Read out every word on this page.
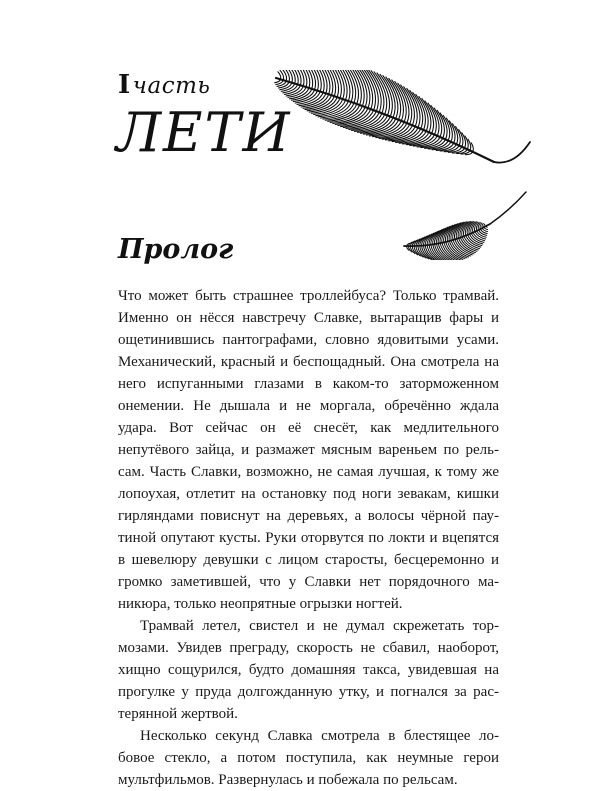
Iчасть
ЛЕТИ
Пролог

Что может быть страшнее троллейбуса? Только трамвай. Именно он нёсся навстречу Славке, вытаращив фары и ощетинившись пантографами, словно ядовитыми усами. Механический, красный и беспощадный. Она смотрела на него испуганными глазами в каком-то заторможенном онемении. Не дышала и не моргала, обречённо ждала удара. Вот сейчас он её снесёт, как медлительного непутёвого зайца, и размажет мясным вареньем по рельсам. Часть Славки, возможно, не самая лучшая, к тому же лопоухая, отлетит на остановку под ноги зевакам, кишки гирляндами повиснут на деревьях, а волосы чёрной паутиной опутают кусты. Руки оторвутся по локти и вцепятся в шевелюру девушки с лицом старосты, бесцеремонно и громко заметившей, что у Славки нет порядочного маникюра, только неопрятные огрызки ногтей.

Трамвай летел, свистел и не думал скрежетать тормозами. Увидев преграду, скорость не сбавил, наоборот, хищно сощурился, будто домашняя такса, увидевшая на прогулке у пруда долгожданную утку, и погнался за растерянной жертвой.

Несколько секунд Славка смотрела в блестящее лобовое стекло, а потом поступила, как неумные герои мультфильмов. Развернулась и побежала по рельсам.
